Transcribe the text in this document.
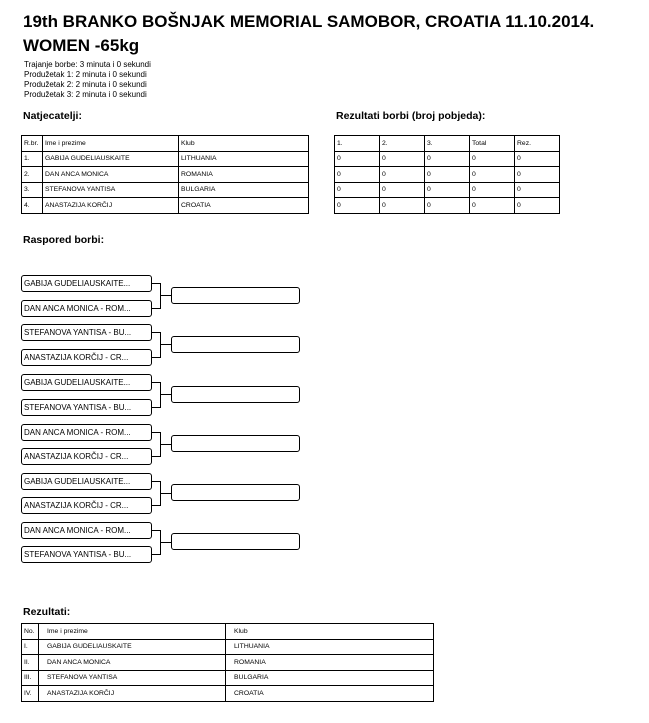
19th BRANKO BOŠNJAK MEMORIAL SAMOBOR, CROATIA 11.10.2014.
WOMEN -65kg
Trajanje borbe: 3 minuta i 0 sekundi
Produžetak 1: 2 minuta i 0 sekundi
Produžetak 2: 2 minuta i 0 sekundi
Produžetak 3: 2 minuta i 0 sekundi
Natjecatelji:
R.br.	Ime i prezime	Klub
1.	GABIJA GUDELIAUSKAITE	LITHUANIA
2.	DAN ANCA MONICA	ROMANIA
3.	STEFANOVA YANTISA	BULGARIA
4.	ANASTAZIJA KORČIJ	CROATIA
Rezultati borbi (broj pobjeda):
1.	2.	3.	Total	Rez.
0	0	0	0	0
0	0	0	0	0
0	0	0	0	0
0	0	0	0	0
Raspored borbi:
GABIJA GUDELIAUSKAITE...
DAN ANCA MONICA - ROM...
STEFANOVA YANTISA - BU...
ANASTAZIJA KORČIJ - CR...
GABIJA GUDELIAUSKAITE...
STEFANOVA YANTISA - BU...
DAN ANCA MONICA - ROM...
ANASTAZIJA KORČIJ - CR...
GABIJA GUDELIAUSKAITE...
ANASTAZIJA KORČIJ - CR...
DAN ANCA MONICA - ROM...
STEFANOVA YANTISA - BU...
Rezultati:
No.	Ime i prezime	Klub
I.	GABIJA GUDELIAUSKAITE	LITHUANIA
II.	DAN ANCA MONICA	ROMANIA
III.	STEFANOVA YANTISA	BULGARIA
IV.	ANASTAZIJA KORČIJ	CROATIA
